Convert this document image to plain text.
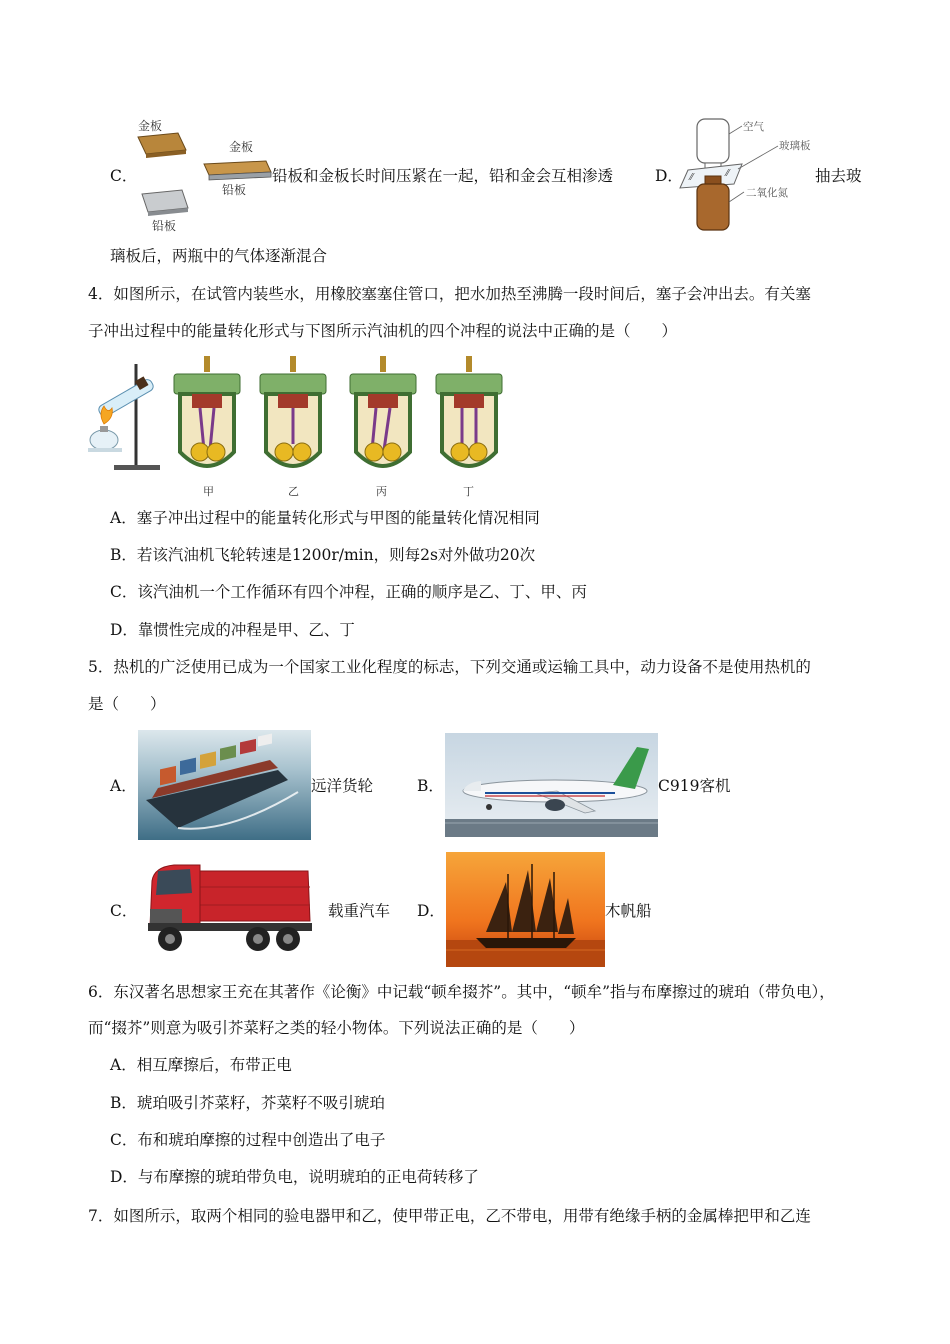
C．
金板
金板
铅板
铅板
铅板和金板长时间压紧在一起，铅和金会互相渗透	D． ⁄⁄	⁄⁄
空气
玻璃板
二氧化氮
抽去玻
璃板后，两瓶中的气体逐渐混合
4．如图所示，在试管内装些水，用橡胶塞塞住管口，把水加热至沸腾一段时间后，塞子会冲出去。有关塞
子冲出过程中的能量转化形式与下图所示汽油机的四个冲程的说法中正确的是（　　）
甲	乙	丙	丁
A．塞子冲出过程中的能量转化形式与甲图的能量转化情况相同
B．若该汽油机飞轮转速是1200r/min，则每2s对外做功20次
C．该汽油机一个工作循环有四个冲程，正确的顺序是乙、丁、甲、丙
D．靠惯性完成的冲程是甲、乙、丁
5．热机的广泛使用已成为一个国家工业化程度的标志，下列交通或运输工具中，动力设备不是使用热机的
是（　　）
A．	远洋货轮	B．	C919客机
C．	载重汽车 D．	木帆船
6．东汉著名思想家王充在其著作《论衡》中记载“顿牟掇芥”。其中，“顿牟”指与布摩擦过的琥珀（带负电），
而“掇芥”则意为吸引芥菜籽之类的轻小物体。下列说法正确的是（　　）
A．相互摩擦后，布带正电
B．琥珀吸引芥菜籽，芥菜籽不吸引琥珀
C．布和琥珀摩擦的过程中创造出了电子
D．与布摩擦的琥珀带负电，说明琥珀的正电荷转移了
7．如图所示，取两个相同的验电器甲和乙，使甲带正电，乙不带电，用带有绝缘手柄的金属棒把甲和乙连
